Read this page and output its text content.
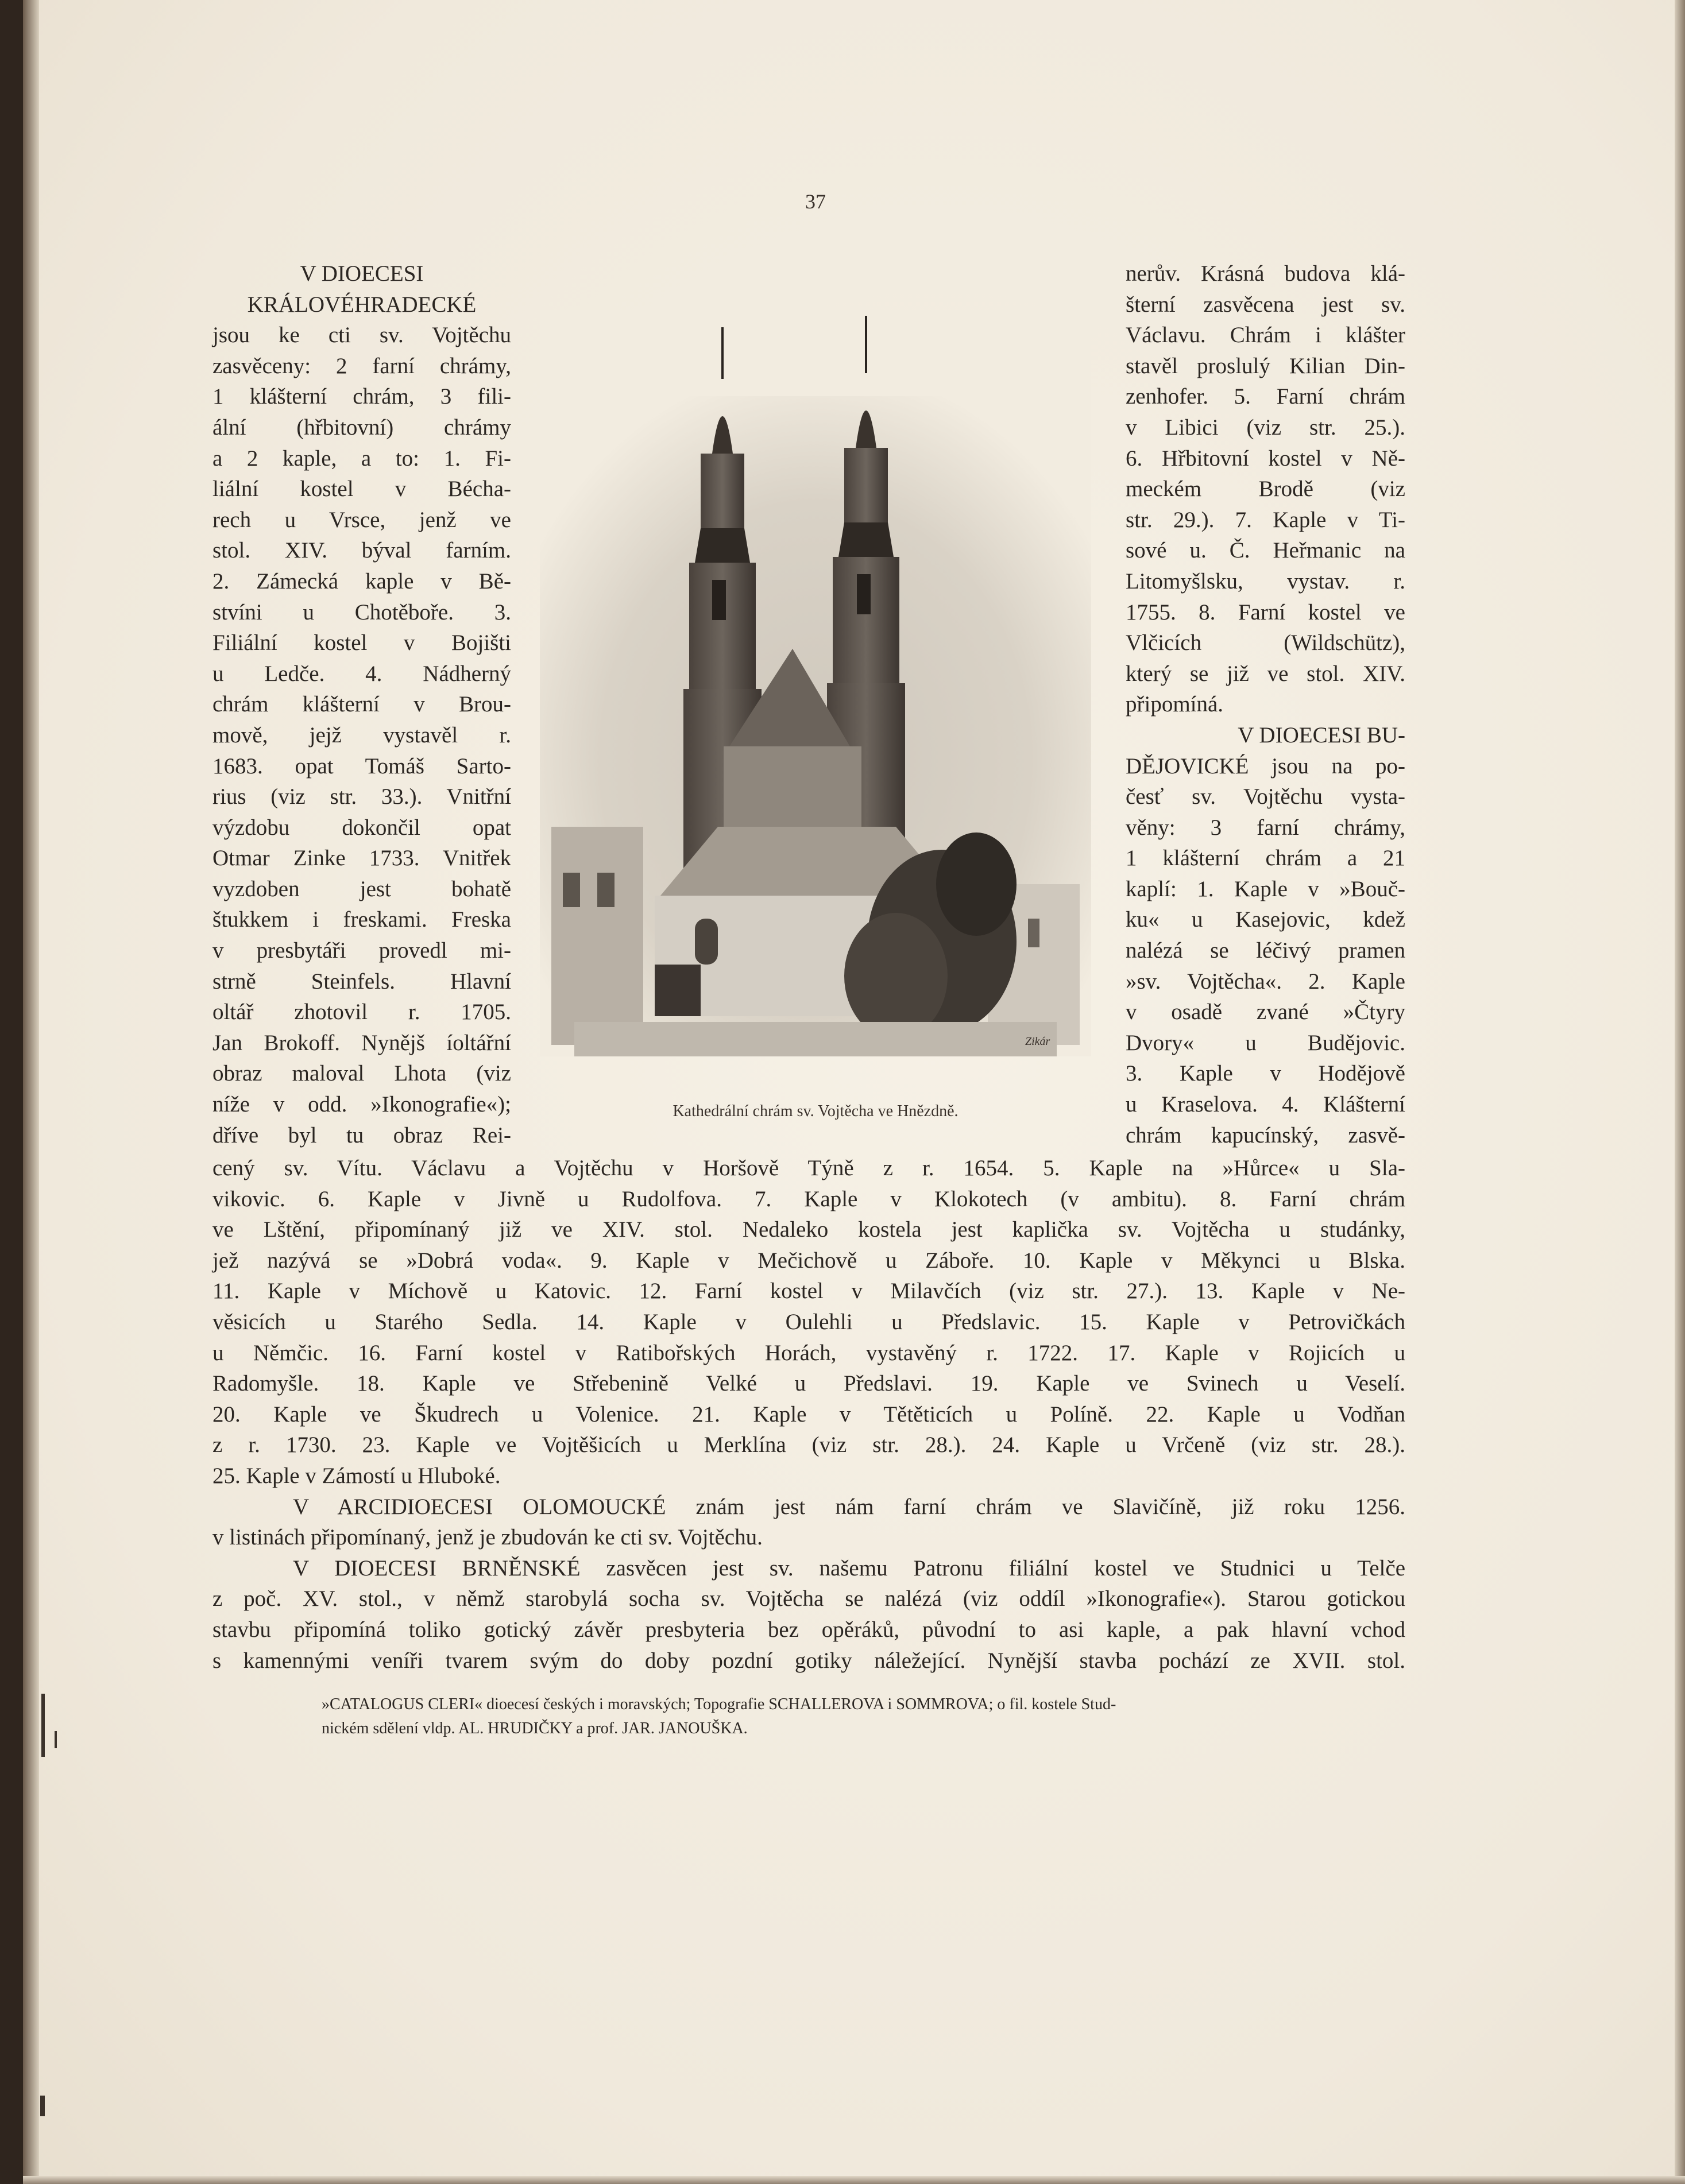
37
V DIOECESI
KRÁLOVÉHRADECKÉ
jsou ke cti sv. Vojtěchu
zasvěceny: 2 farní chrámy,
1 klášterní chrám, 3 fili-
ální (hřbitovní) chrámy
a 2 kaple, a to: 1. Fi-
liální kostel v Bécha-
rech u Vrsce, jenž ve
stol. XIV. býval farním.
2. Zámecká kaple v Bě-
stvíni u Chotěboře. 3.
Filiální kostel v Bojišti
u Ledče. 4. Nádherný
chrám klášterní v Brou-
mově, jejž vystavěl r.
1683. opat Tomáš Sarto-
rius (viz str. 33.). Vnitřní
výzdobu dokončil opat
Otmar Zinke 1733. Vnitřek
vyzdoben jest bohatě
štukkem i freskami. Freska
v presbytáři provedl mi-
strně Steinfels. Hlavní
oltář zhotovil r. 1705.
Jan Brokoff. Nynějš íoltářní
obraz maloval Lhota (viz
níže v odd. »Ikonografie«);
dříve byl tu obraz Rei-
nerův. Krásná budova klá-
šterní zasvěcena jest sv.
Václavu. Chrám i klášter
stavěl proslulý Kilian Din-
zenhofer. 5. Farní chrám
v Libici (viz str. 25.).
6. Hřbitovní kostel v Ně-
meckém Brodě (viz
str. 29.). 7. Kaple v Ti-
sové u. Č. Heřmanic na
Litomyšlsku, vystav. r.
1755. 8. Farní kostel ve
Vlčicích (Wildschütz),
který se již ve stol. XIV.
připomíná.
V DIOECESI BU-
DĚJOVICKÉ jsou na po-
česť sv. Vojtěchu vysta-
věny: 3 farní chrámy,
1 klášterní chrám a 21
kaplí: 1. Kaple v »Bouč-
ku« u Kasejovic, kdež
nalézá se léčivý pramen
»sv. Vojtěcha«. 2. Kaple
v osadě zvané »Čtyry
Dvory« u Budějovic.
3. Kaple v Hodějově
u Kraselova. 4. Klášterní
chrám kapucínský, zasvě-
Zikár
Kathedrální chrám sv. Vojtěcha ve Hnězdně.
cený sv. Vítu. Václavu a Vojtěchu v Horšově Týně z r. 1654. 5. Kaple na »Hůrce« u Sla-
vikovic. 6. Kaple v Jivně u Rudolfova. 7. Kaple v Klokotech (v ambitu). 8. Farní chrám
ve Lštění, připomínaný již ve XIV. stol. Nedaleko kostela jest kaplička sv. Vojtěcha u studánky,
jež nazývá se »Dobrá voda«. 9. Kaple v Mečichově u Záboře. 10. Kaple v Měkynci u Blska.
11. Kaple v Míchově u Katovic. 12. Farní kostel v Milavčích (viz str. 27.). 13. Kaple v Ne-
věsicích u Starého Sedla. 14. Kaple v Oulehli u Předslavic. 15. Kaple v Petrovičkách
u Němčic. 16. Farní kostel v Ratibořských Horách, vystavěný r. 1722. 17. Kaple v Rojicích u
Radomyšle. 18. Kaple ve Střebenině Velké u Předslavi. 19. Kaple ve Svinech u Veselí.
20. Kaple ve Škudrech u Volenice. 21. Kaple v Tětěticích u Políně. 22. Kaple u Vodňan
z r. 1730. 23. Kaple ve Vojtěšicích u Merklína (viz str. 28.). 24. Kaple u Vrčeně (viz str. 28.).
25. Kaple v Zámostí u Hluboké.
V ARCIDIOECESI OLOMOUCKÉ znám jest nám farní chrám ve Slavičíně, již roku 1256.
v listinách připomínaný, jenž je zbudován ke cti sv. Vojtěchu.
V DIOECESI BRNĚNSKÉ zasvěcen jest sv. našemu Patronu filiální kostel ve Studnici u Telče
z poč. XV. stol., v němž starobylá socha sv. Vojtěcha se nalézá (viz oddíl »Ikonografie«). Starou gotickou
stavbu připomíná toliko gotický závěr presbyteria bez opěráků, původní to asi kaple, a pak hlavní vchod
s kamennými veníři tvarem svým do doby pozdní gotiky náležející. Nynější stavba pochází ze XVII. stol.
»CATALOGUS CLERI« dioecesí českých i moravských; Topografie SCHALLEROVA i SOMMROVA; o fil. kostele Stud-
nickém sdělení vldp. AL. HRUDIČKY a prof. JAR. JANOUŠKA.
